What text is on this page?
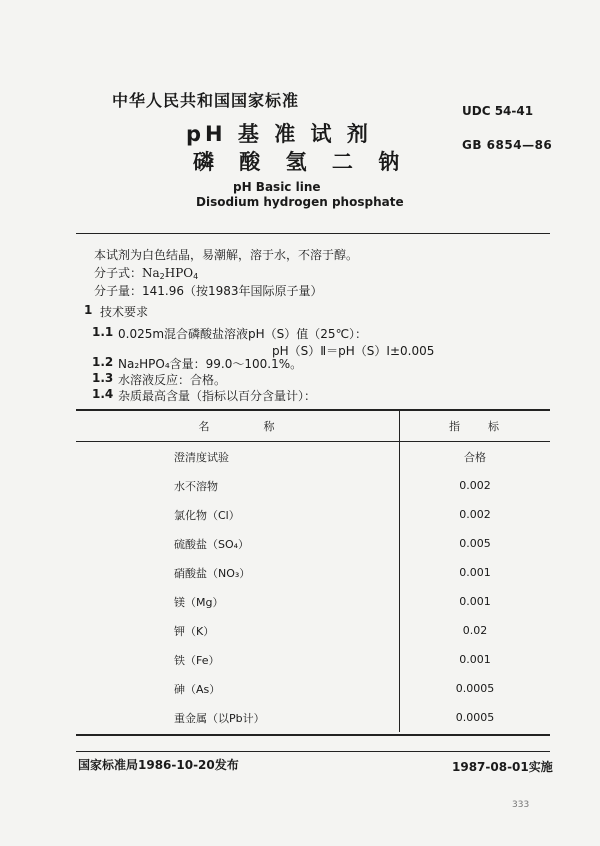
中华人民共和国国家标准
UDC 54-41
pH 基 准 试 剂	GB 6854—86
磷 酸 氢 二 钠
pH Basic line
Disodium hydrogen phosphate
本试剂为白色结晶，易潮解，溶于水，不溶于醇。
分子式：$Na_2HPO_4$
分子量：141.96（按1983年国际原子量）
1 技术要求
1.1 0.025m混合磷酸盐溶液pH（S）值（25℃）：
pH（S）Ⅱ＝pH（S）Ⅰ±0.005
1.2 Na₂HPO₄含量：99.0～100.1%。
1.3 水溶液反应：合格。
1.4 杂质最高含量（指标以百分含量计）：
名　　　　称	指　　标
澄清度试验	合格
水不溶物	0.002
氯化物（Cl）	0.002
硫酸盐（SO₄）	0.005
硝酸盐（NO₃）	0.001
镁（Mg）	0.001
钾（K）	0.02
铁（Fe）	0.001
砷（As）	0.0005
重金属（以Pb计）	0.0005
国家标准局1986-10-20发布	1987-08-01实施
333
